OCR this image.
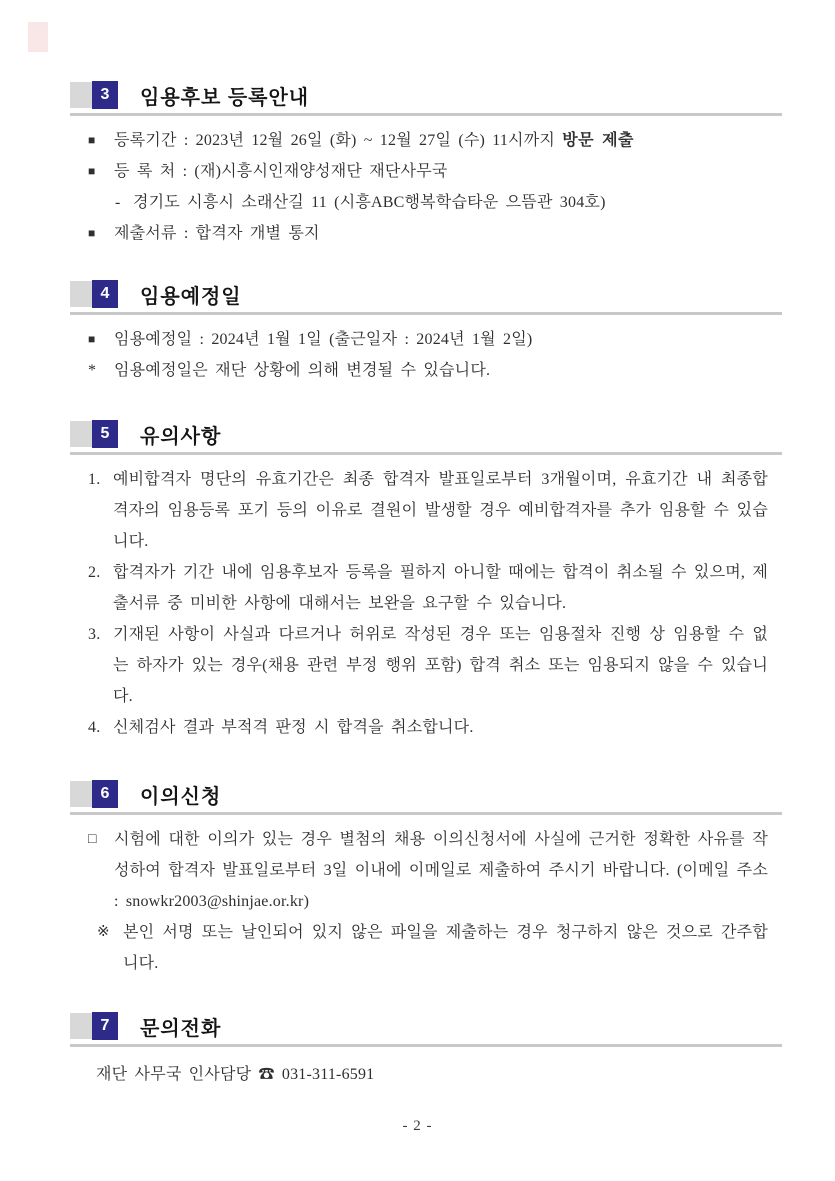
3	임용후보 등록안내

■	등록기간 : 2023년 12월 26일 (화) ~ 12월 27일 (수) 11시까지 방문 제출

■	등 록 처 : (재)시흥시인재양성재단 재단사무국

- 경기도 시흥시 소래산길 11 (시흥ABC행복학습타운 으뜸관 304호)

■	제출서류 : 합격자 개별 통지

4	임용예정일

■	임용예정일 : 2024년 1월 1일 (출근일자 : 2024년 1월 2일)

*	임용예정일은 재단 상황에 의해 변경될 수 있습니다.

5	유의사항

1. 예비합격자 명단의 유효기간은 최종 합격자 발표일로부터 3개월이며, 유효기간 내 최종합격자의 임용등록 포기 등의 이유로 결원이 발생할 경우 예비합격자를 추가 임용할 수 있습니다.

2. 합격자가 기간 내에 임용후보자 등록을 필하지 아니할 때에는 합격이 취소될 수 있으며, 제출서류 중 미비한 사항에 대해서는 보완을 요구할 수 있습니다.

3. 기재된 사항이 사실과 다르거나 허위로 작성된 경우 또는 임용절차 진행 상 임용할 수 없는 하자가 있는 경우(채용 관련 부정 행위 포함) 합격 취소 또는 임용되지 않을 수 있습니다.

4. 신체검사 결과 부적격 판정 시 합격을 취소합니다.

6	이의신청

□	시험에 대한 이의가 있는 경우 별첨의 채용 이의신청서에 사실에 근거한 정확한 사유를 작성하여 합격자 발표일로부터 3일 이내에 이메일로 제출하여 주시기 바랍니다. (이메일 주소 : snowkr2003@shinjae.or.kr)

※ 본인 서명 또는 날인되어 있지 않은 파일을 제출하는 경우 청구하지 않은 것으로 간주합니다.

7	문의전화

재단 사무국 인사담당 ☎ 031-311-6591

- 2 -
